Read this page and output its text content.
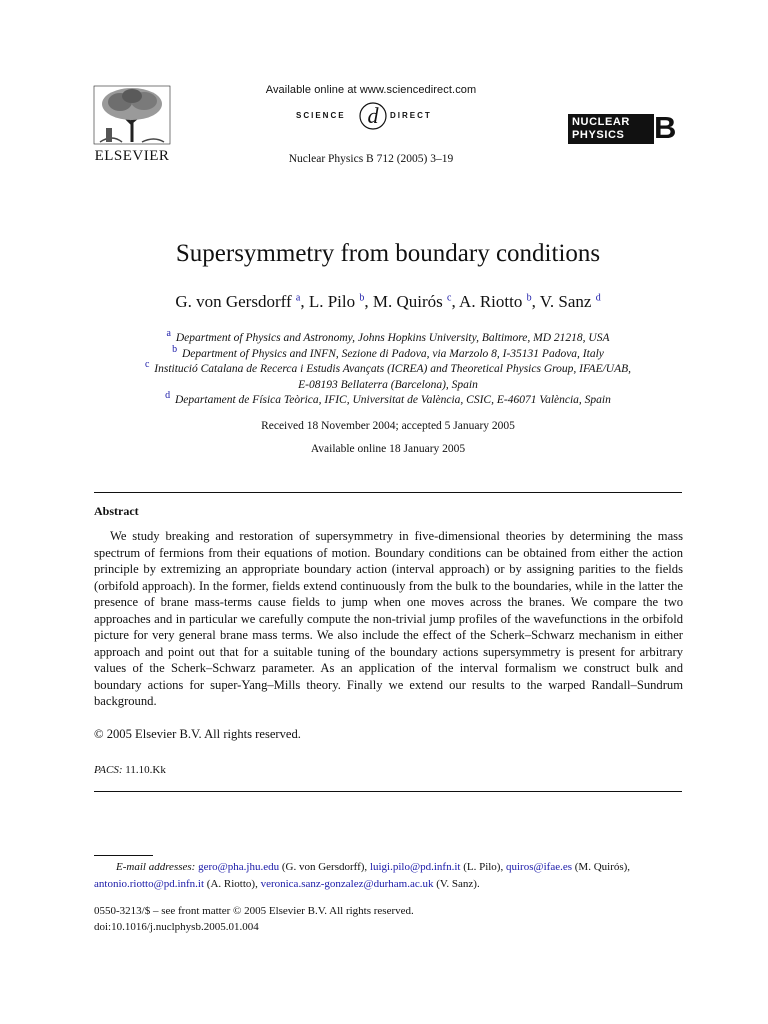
ELSEVIER
Available online at www.sciencedirect.com
SCIENCE d DIRECT
Nuclear Physics B 712 (2005) 3–19
NUCLEAR
PHYSICS B
Supersymmetry from boundary conditions
G. von Gersdorff $^a$, L. Pilo $^b$, M. Quirós $^c$, A. Riotto $^b$, V. Sanz $^d$
$^a$ Department of Physics and Astronomy, Johns Hopkins University, Baltimore, MD 21218, USA
$^b$ Department of Physics and INFN, Sezione di Padova, via Marzolo 8, I-35131 Padova, Italy
$^c$ Institució Catalana de Recerca i Estudis Avançats (ICREA) and Theoretical Physics Group, IFAE/UAB,
E-08193 Bellaterra (Barcelona), Spain
$^d$ Departament de Física Teòrica, IFIC, Universitat de València, CSIC, E-46071 València, Spain
Received 18 November 2004; accepted 5 January 2005
Available online 18 January 2005
Abstract

We study breaking and restoration of supersymmetry in five-dimensional theories by determining the mass spectrum of fermions from their equations of motion. Boundary conditions can be obtained from either the action principle by extremizing an appropriate boundary action (interval approach) or by assigning parities to the fields (orbifold approach). In the former, fields extend continuously from the bulk to the boundaries, while in the latter the presence of brane mass-terms cause fields to jump when one moves across the branes. We compare the two approaches and in particular we carefully compute the non-trivial jump profiles of the wavefunctions in the orbifold picture for very general brane mass terms. We also include the effect of the Scherk–Schwarz mechanism in either approach and point out that for a suitable tuning of the boundary actions supersymmetry is present for arbitrary values of the Scherk–Schwarz parameter. As an application of the interval formalism we construct bulk and boundary actions for super-Yang–Mills theory. Finally we extend our results to the warped Randall–Sundrum background.

© 2005 Elsevier B.V. All rights reserved.
PACS: 11.10.Kk
E-mail addresses: gero@pha.jhu.edu (G. von Gersdorff), luigi.pilo@pd.infn.it (L. Pilo), quiros@ifae.es (M. Quirós), antonio.riotto@pd.infn.it (A. Riotto), veronica.sanz-gonzalez@durham.ac.uk (V. Sanz).
0550-3213/$ – see front matter © 2005 Elsevier B.V. All rights reserved.
doi:10.1016/j.nuclphysb.2005.01.004
